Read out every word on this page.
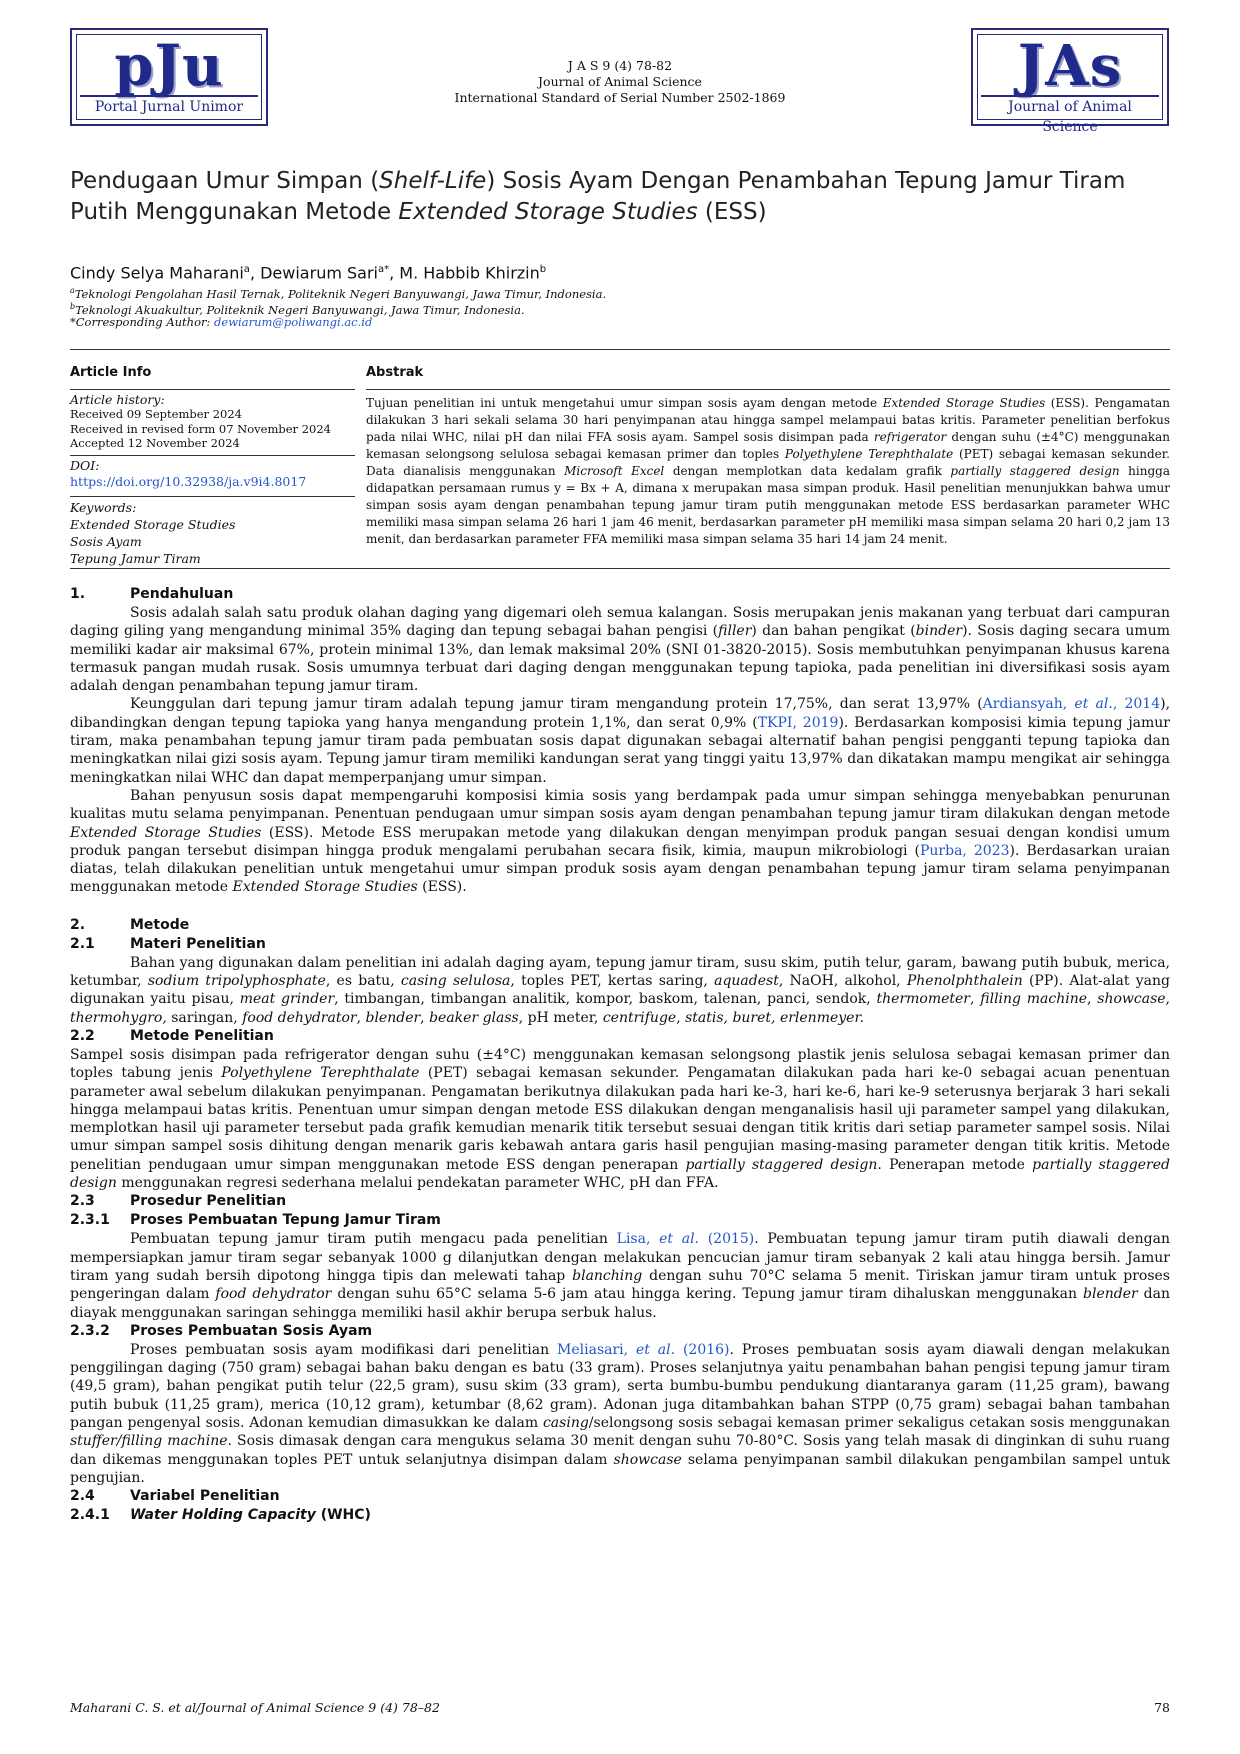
pJu
Portal Jurnal Unimor
J A S 9 (4) 78-82
Journal of Animal Science
International Standard of Serial Number 2502-1869	JAs
Journal of Animal Science
Pendugaan Umur Simpan (Shelf-Life) Sosis Ayam Dengan Penambahan Tepung Jamur Tiram Putih Menggunakan Metode Extended Storage Studies (ESS)
Cindy Selya Maharani$^a$, Dewiarum Sari$^{a*}$, M. Habbib Khirzin$^b$
$^a$Teknologi Pengolahan Hasil Ternak, Politeknik Negeri Banyuwangi, Jawa Timur, Indonesia.
$^b$Teknologi Akuakultur, Politeknik Negeri Banyuwangi, Jawa Timur, Indonesia.
*Corresponding Author: dewiarum@poliwangi.ac.id
Article Info	Abstrak
Article history:
Received 09 September 2024
Received in revised form 07 November 2024
Accepted 12 November 2024
DOI:
https://doi.org/10.32938/ja.v9i4.8017
Keywords:
Extended Storage Studies
Sosis Ayam
Tepung Jamur Tiram
Tujuan penelitian ini untuk mengetahui umur simpan sosis ayam dengan metode Extended Storage Studies (ESS). Pengamatan dilakukan 3 hari sekali selama 30 hari penyimpanan atau hingga sampel melampaui batas kritis. Parameter penelitian berfokus pada nilai WHC, nilai pH dan nilai FFA sosis ayam. Sampel sosis disimpan pada refrigerator dengan suhu (±4°C) menggunakan kemasan selongsong selulosa sebagai kemasan primer dan toples Polyethylene Terephthalate (PET) sebagai kemasan sekunder. Data dianalisis menggunakan Microsoft Excel dengan memplotkan data kedalam grafik partially staggered design hingga didapatkan persamaan rumus y = Bx + A, dimana x merupakan masa simpan produk. Hasil penelitian menunjukkan bahwa umur simpan sosis ayam dengan penambahan tepung jamur tiram putih menggunakan metode ESS berdasarkan parameter WHC memiliki masa simpan selama 26 hari 1 jam 46 menit, berdasarkan parameter pH memiliki masa simpan selama 20 hari 0,2 jam 13 menit, dan berdasarkan parameter FFA memiliki masa simpan selama 35 hari 14 jam 24 menit.
1.	Pendahuluan

Sosis adalah salah satu produk olahan daging yang digemari oleh semua kalangan. Sosis merupakan jenis makanan yang terbuat dari campuran daging giling yang mengandung minimal 35% daging dan tepung sebagai bahan pengisi (filler) dan bahan pengikat (binder). Sosis daging secara umum memiliki kadar air maksimal 67%, protein minimal 13%, dan lemak maksimal 20% (SNI 01-3820-2015). Sosis membutuhkan penyimpanan khusus karena termasuk pangan mudah rusak. Sosis umumnya terbuat dari daging dengan menggunakan tepung tapioka, pada penelitian ini diversifikasi sosis ayam adalah dengan penambahan tepung jamur tiram.

Keunggulan dari tepung jamur tiram adalah tepung jamur tiram mengandung protein 17,75%, dan serat 13,97% (Ardiansyah, et al., 2014), dibandingkan dengan tepung tapioka yang hanya mengandung protein 1,1%, dan serat 0,9% (TKPI, 2019). Berdasarkan komposisi kimia tepung jamur tiram, maka penambahan tepung jamur tiram pada pembuatan sosis dapat digunakan sebagai alternatif bahan pengisi pengganti tepung tapioka dan meningkatkan nilai gizi sosis ayam. Tepung jamur tiram memiliki kandungan serat yang tinggi yaitu 13,97% dan dikatakan mampu mengikat air sehingga meningkatkan nilai WHC dan dapat memperpanjang umur simpan.

Bahan penyusun sosis dapat mempengaruhi komposisi kimia sosis yang berdampak pada umur simpan sehingga menyebabkan penurunan kualitas mutu selama penyimpanan. Penentuan pendugaan umur simpan sosis ayam dengan penambahan tepung jamur tiram dilakukan dengan metode Extended Storage Studies (ESS). Metode ESS merupakan metode yang dilakukan dengan menyimpan produk pangan sesuai dengan kondisi umum produk pangan tersebut disimpan hingga produk mengalami perubahan secara fisik, kimia, maupun mikrobiologi (Purba, 2023). Berdasarkan uraian diatas, telah dilakukan penelitian untuk mengetahui umur simpan produk sosis ayam dengan penambahan tepung jamur tiram selama penyimpanan menggunakan metode Extended Storage Studies (ESS).

2.	Metode
2.1	Materi Penelitian

Bahan yang digunakan dalam penelitian ini adalah daging ayam, tepung jamur tiram, susu skim, putih telur, garam, bawang putih bubuk, merica, ketumbar, sodium tripolyphosphate, es batu, casing selulosa, toples PET, kertas saring, aquadest, NaOH, alkohol, Phenolphthalein (PP). Alat-alat yang digunakan yaitu pisau, meat grinder, timbangan, timbangan analitik, kompor, baskom, talenan, panci, sendok, thermometer, filling machine, showcase, thermohygro, saringan, food dehydrator, blender, beaker glass, pH meter, centrifuge, statis, buret, erlenmeyer.

2.2	Metode Penelitian

Sampel sosis disimpan pada refrigerator dengan suhu (±4°C) menggunakan kemasan selongsong plastik jenis selulosa sebagai kemasan primer dan toples tabung jenis Polyethylene Terephthalate (PET) sebagai kemasan sekunder. Pengamatan dilakukan pada hari ke-0 sebagai acuan penentuan parameter awal sebelum dilakukan penyimpanan. Pengamatan berikutnya dilakukan pada hari ke-3, hari ke-6, hari ke-9 seterusnya berjarak 3 hari sekali hingga melampaui batas kritis. Penentuan umur simpan dengan metode ESS dilakukan dengan menganalisis hasil uji parameter sampel yang dilakukan, memplotkan hasil uji parameter tersebut pada grafik kemudian menarik titik tersebut sesuai dengan titik kritis dari setiap parameter sampel sosis. Nilai umur simpan sampel sosis dihitung dengan menarik garis kebawah antara garis hasil pengujian masing-masing parameter dengan titik kritis. Metode penelitian pendugaan umur simpan menggunakan metode ESS dengan penerapan partially staggered design. Penerapan metode partially staggered design menggunakan regresi sederhana melalui pendekatan parameter WHC, pH dan FFA.

2.3	Prosedur Penelitian
2.3.1 Proses Pembuatan Tepung Jamur Tiram

Pembuatan tepung jamur tiram putih mengacu pada penelitian Lisa, et al. (2015). Pembuatan tepung jamur tiram putih diawali dengan mempersiapkan jamur tiram segar sebanyak 1000 g dilanjutkan dengan melakukan pencucian jamur tiram sebanyak 2 kali atau hingga bersih. Jamur tiram yang sudah bersih dipotong hingga tipis dan melewati tahap blanching dengan suhu 70°C selama 5 menit. Tiriskan jamur tiram untuk proses pengeringan dalam food dehydrator dengan suhu 65°C selama 5-6 jam atau hingga kering. Tepung jamur tiram dihaluskan menggunakan blender dan diayak menggunakan saringan sehingga memiliki hasil akhir berupa serbuk halus.

2.3.2 Proses Pembuatan Sosis Ayam

Proses pembuatan sosis ayam modifikasi dari penelitian Meliasari, et al. (2016). Proses pembuatan sosis ayam diawali dengan melakukan penggilingan daging (750 gram) sebagai bahan baku dengan es batu (33 gram). Proses selanjutnya yaitu penambahan bahan pengisi tepung jamur tiram (49,5 gram), bahan pengikat putih telur (22,5 gram), susu skim (33 gram), serta bumbu-bumbu pendukung diantaranya garam (11,25 gram), bawang putih bubuk (11,25 gram), merica (10,12 gram), ketumbar (8,62 gram). Adonan juga ditambahkan bahan STPP (0,75 gram) sebagai bahan tambahan pangan pengenyal sosis. Adonan kemudian dimasukkan ke dalam casing/selongsong sosis sebagai kemasan primer sekaligus cetakan sosis menggunakan stuffer/filling machine. Sosis dimasak dengan cara mengukus selama 30 menit dengan suhu 70-80°C. Sosis yang telah masak di dinginkan di suhu ruang dan dikemas menggunakan toples PET untuk selanjutnya disimpan dalam showcase selama penyimpanan sambil dilakukan pengambilan sampel untuk pengujian.

2.4	Variabel Penelitian
2.4.1 Water Holding Capacity (WHC)
Maharani C. S. et al/Journal of Animal Science 9 (4) 78–82	78
